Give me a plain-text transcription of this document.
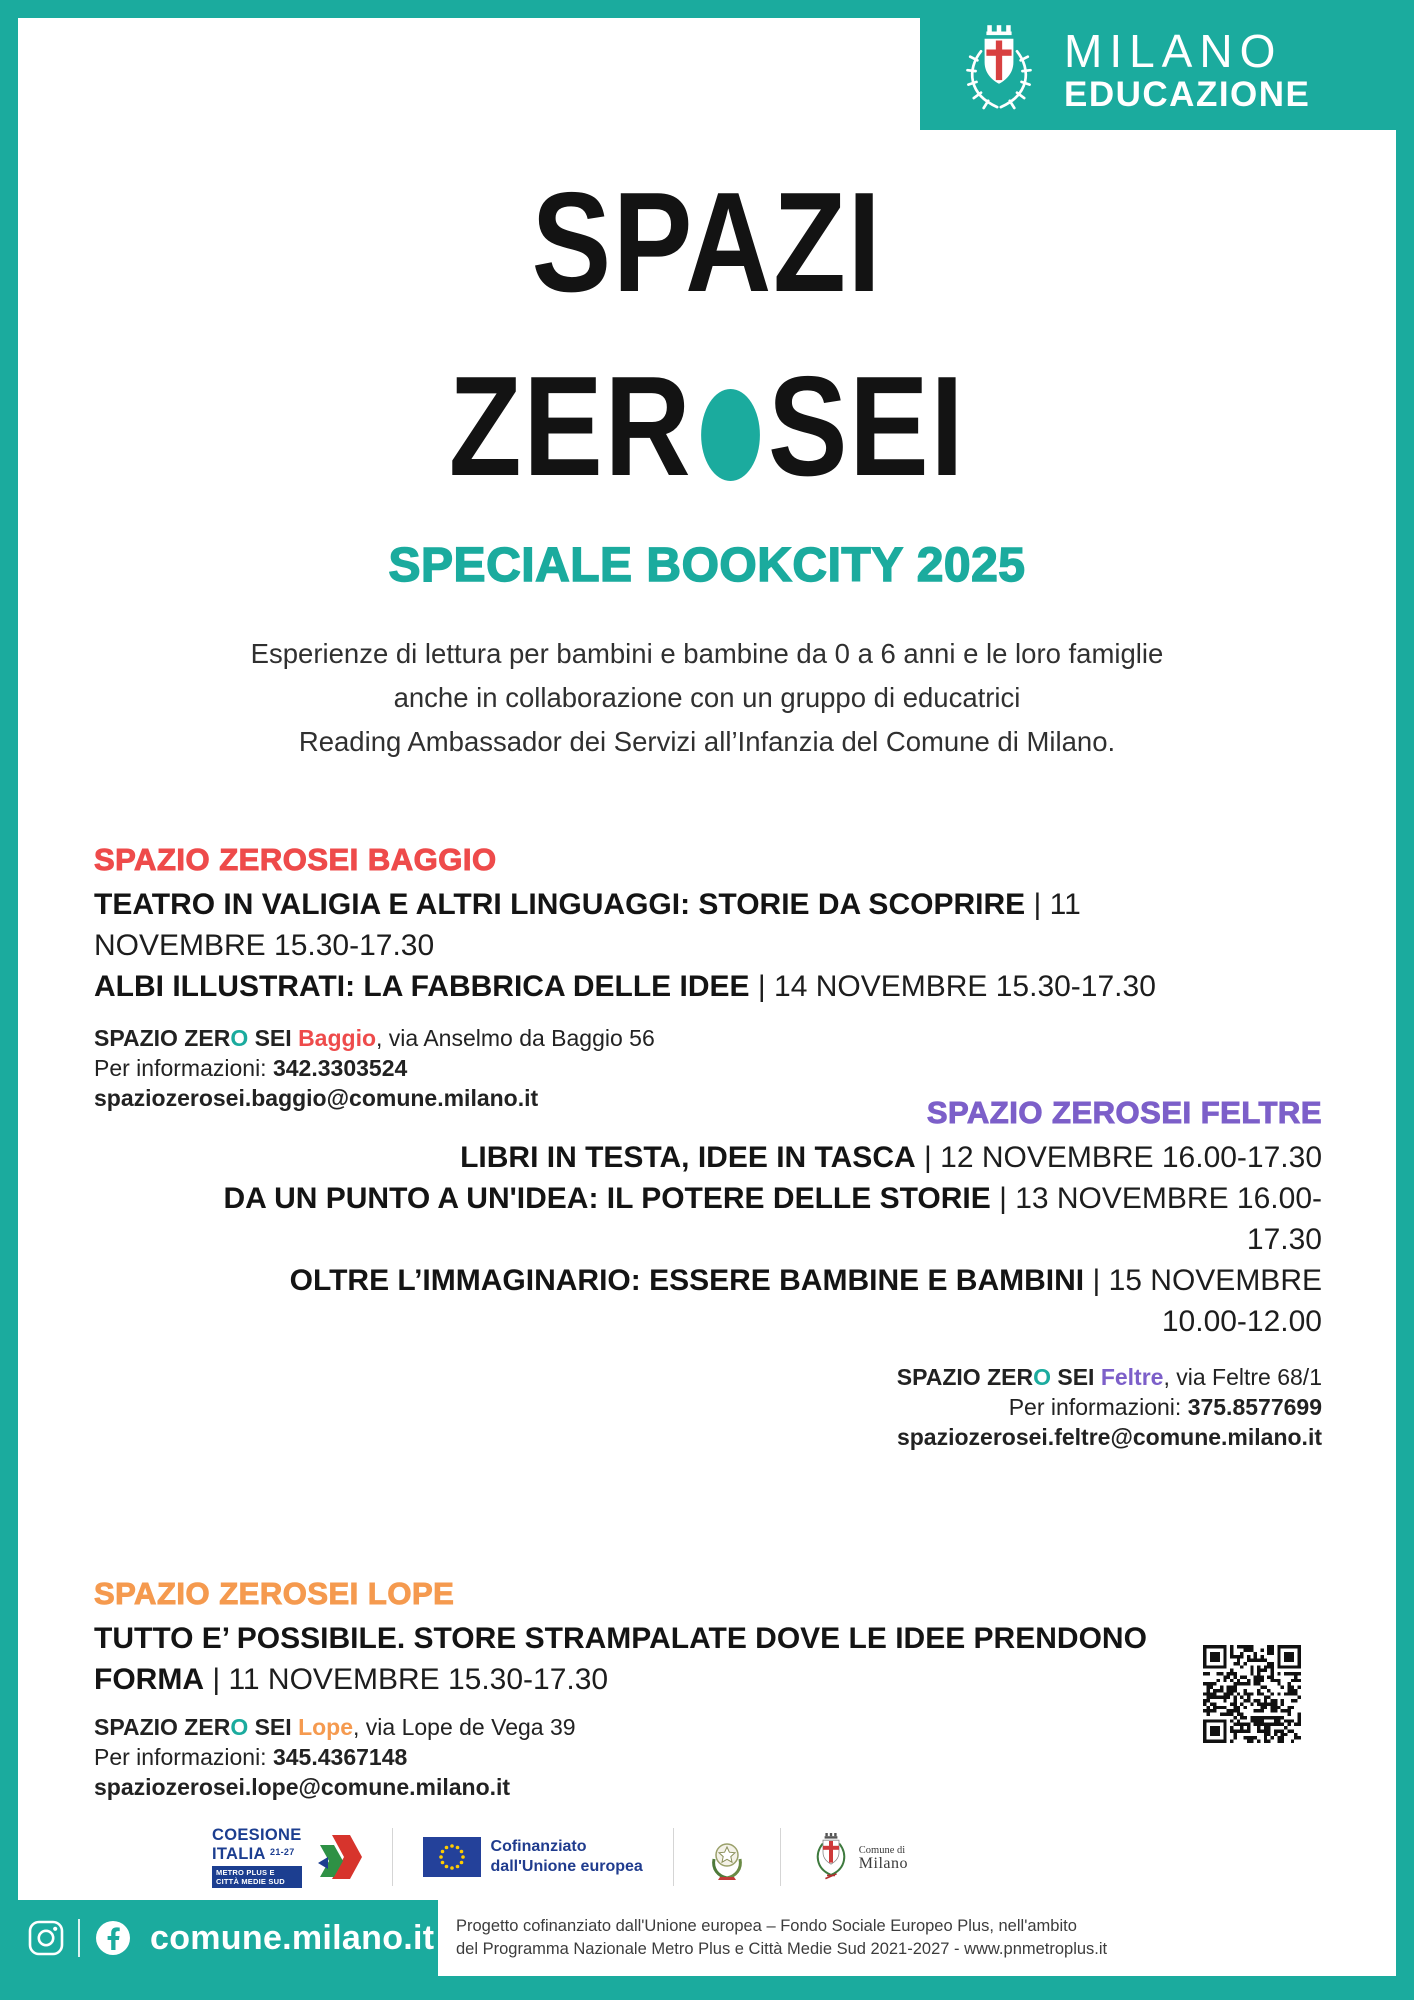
MILANO
EDUCAZIONE
SPAZI
ZER SEI
SPECIALE BOOKCITY 2025
Esperienze di lettura per bambini e bambine da 0 a 6 anni e le loro famiglie
anche in collaborazione con un gruppo di educatrici
Reading Ambassador dei Servizi all’Infanzia del Comune di Milano.
SPAZIO ZEROSEI BAGGIO
TEATRO IN VALIGIA E ALTRI LINGUAGGI: STORIE DA SCOPRIRE | 11 NOVEMBRE 15.30-17.30
ALBI ILLUSTRATI: LA FABBRICA DELLE IDEE | 14 NOVEMBRE 15.30-17.30
SPAZIO ZERO SEI Baggio, via Anselmo da Baggio 56
Per informazioni: 342.3303524
spaziozerosei.baggio@comune.milano.it	SPAZIO ZEROSEI FELTRE
LIBRI IN TESTA, IDEE IN TASCA | 12 NOVEMBRE 16.00-17.30
DA UN PUNTO A UN'IDEA: IL POTERE DELLE STORIE | 13 NOVEMBRE 16.00-17.30
OLTRE L’IMMAGINARIO: ESSERE BAMBINE E BAMBINI | 15 NOVEMBRE 10.00-12.00
SPAZIO ZERO SEI Feltre, via Feltre 68/1
Per informazioni: 375.8577699
spaziozerosei.feltre@comune.milano.it
SPAZIO ZEROSEI LOPE
TUTTO E’ POSSIBILE. STORE STRAMPALATE DOVE LE IDEE PRENDONO FORMA | 11 NOVEMBRE 15.30-17.30
SPAZIO ZERO SEI Lope, via Lope de Vega 39
Per informazioni: 345.4367148
spaziozerosei.lope@comune.milano.it
COESIONE
ITALIA $^{21-27}$
METRO PLUS E
CITTÀ MEDIE SUD
Cofinanziato
dall'Unione europea
Comune di
Milano
comune.milano.it Progetto cofinanziato dall'Unione europea – Fondo Sociale Europeo Plus, nell'ambito
del Programma Nazionale Metro Plus e Città Medie Sud 2021-2027 - www.pnmetroplus.it
